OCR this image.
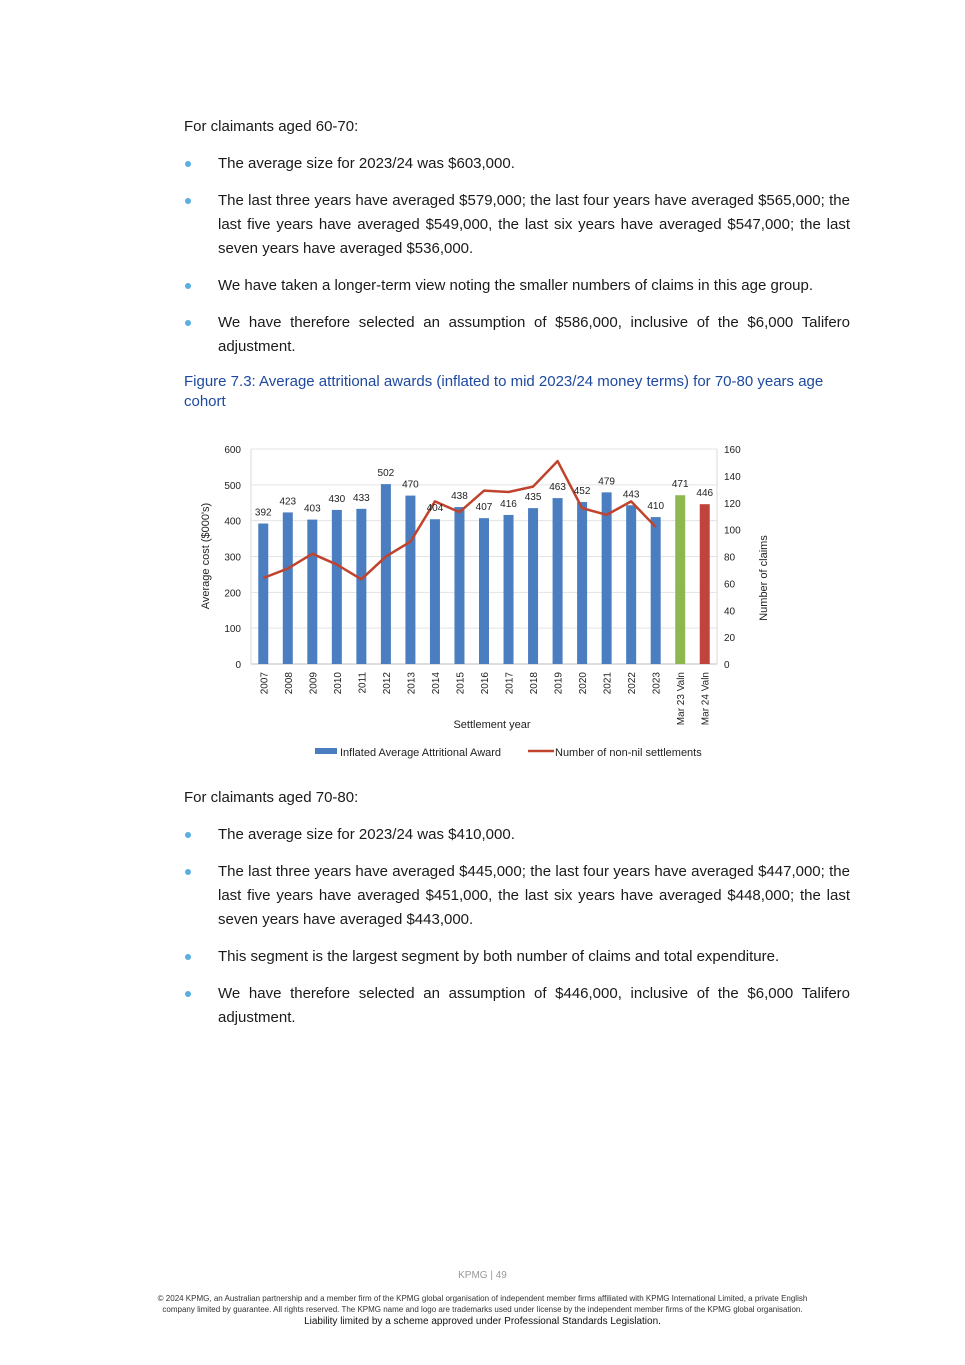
For claimants aged 60-70:

The average size for 2023/24 was $603,000.
The last three years have averaged $579,000; the last four years have averaged $565,000; the last five years have averaged $549,000, the last six years have averaged $547,000; the last seven years have averaged $536,000.
We have taken a longer-term view noting the smaller numbers of claims in this age group.
We have therefore selected an assumption of $586,000, inclusive of the $6,000 Talifero adjustment.

Figure 7.3: Average attritional awards (inflated to mid 2023/24 money terms) for 70-80 years age cohort

392
423
403
430 433
502
470
404
438
407 416
435
463 452
479
443
410
471
446
0
100
200
300
400
500
600
0
20
40
60
80
100
120
140
160
2007 2008 2009 2010 2011 2012 2013 2014 2015 2016 2017 2018 2019 2020 2021 2022 2023 Mar 23 Valn Mar 24 Valn
Average cost ($000's)	Number of claims
Settlement year
Inflated Average Attritional Award	Number of non-nil settlements

For claimants aged 70-80:

The average size for 2023/24 was $410,000.
The last three years have averaged $445,000; the last four years have averaged $447,000; the last five years have averaged $451,000, the last six years have averaged $448,000; the last seven years have averaged $443,000.
This segment is the largest segment by both number of claims and total expenditure.
We have therefore selected an assumption of $446,000, inclusive of the $6,000 Talifero adjustment.
KPMG | 49
© 2024 KPMG, an Australian partnership and a member firm of the KPMG global organisation of independent member firms affiliated with KPMG International Limited, a private English
company limited by guarantee. All rights reserved. The KPMG name and logo are trademarks used under license by the independent member firms of the KPMG global organisation.
Liability limited by a scheme approved under Professional Standards Legislation.
